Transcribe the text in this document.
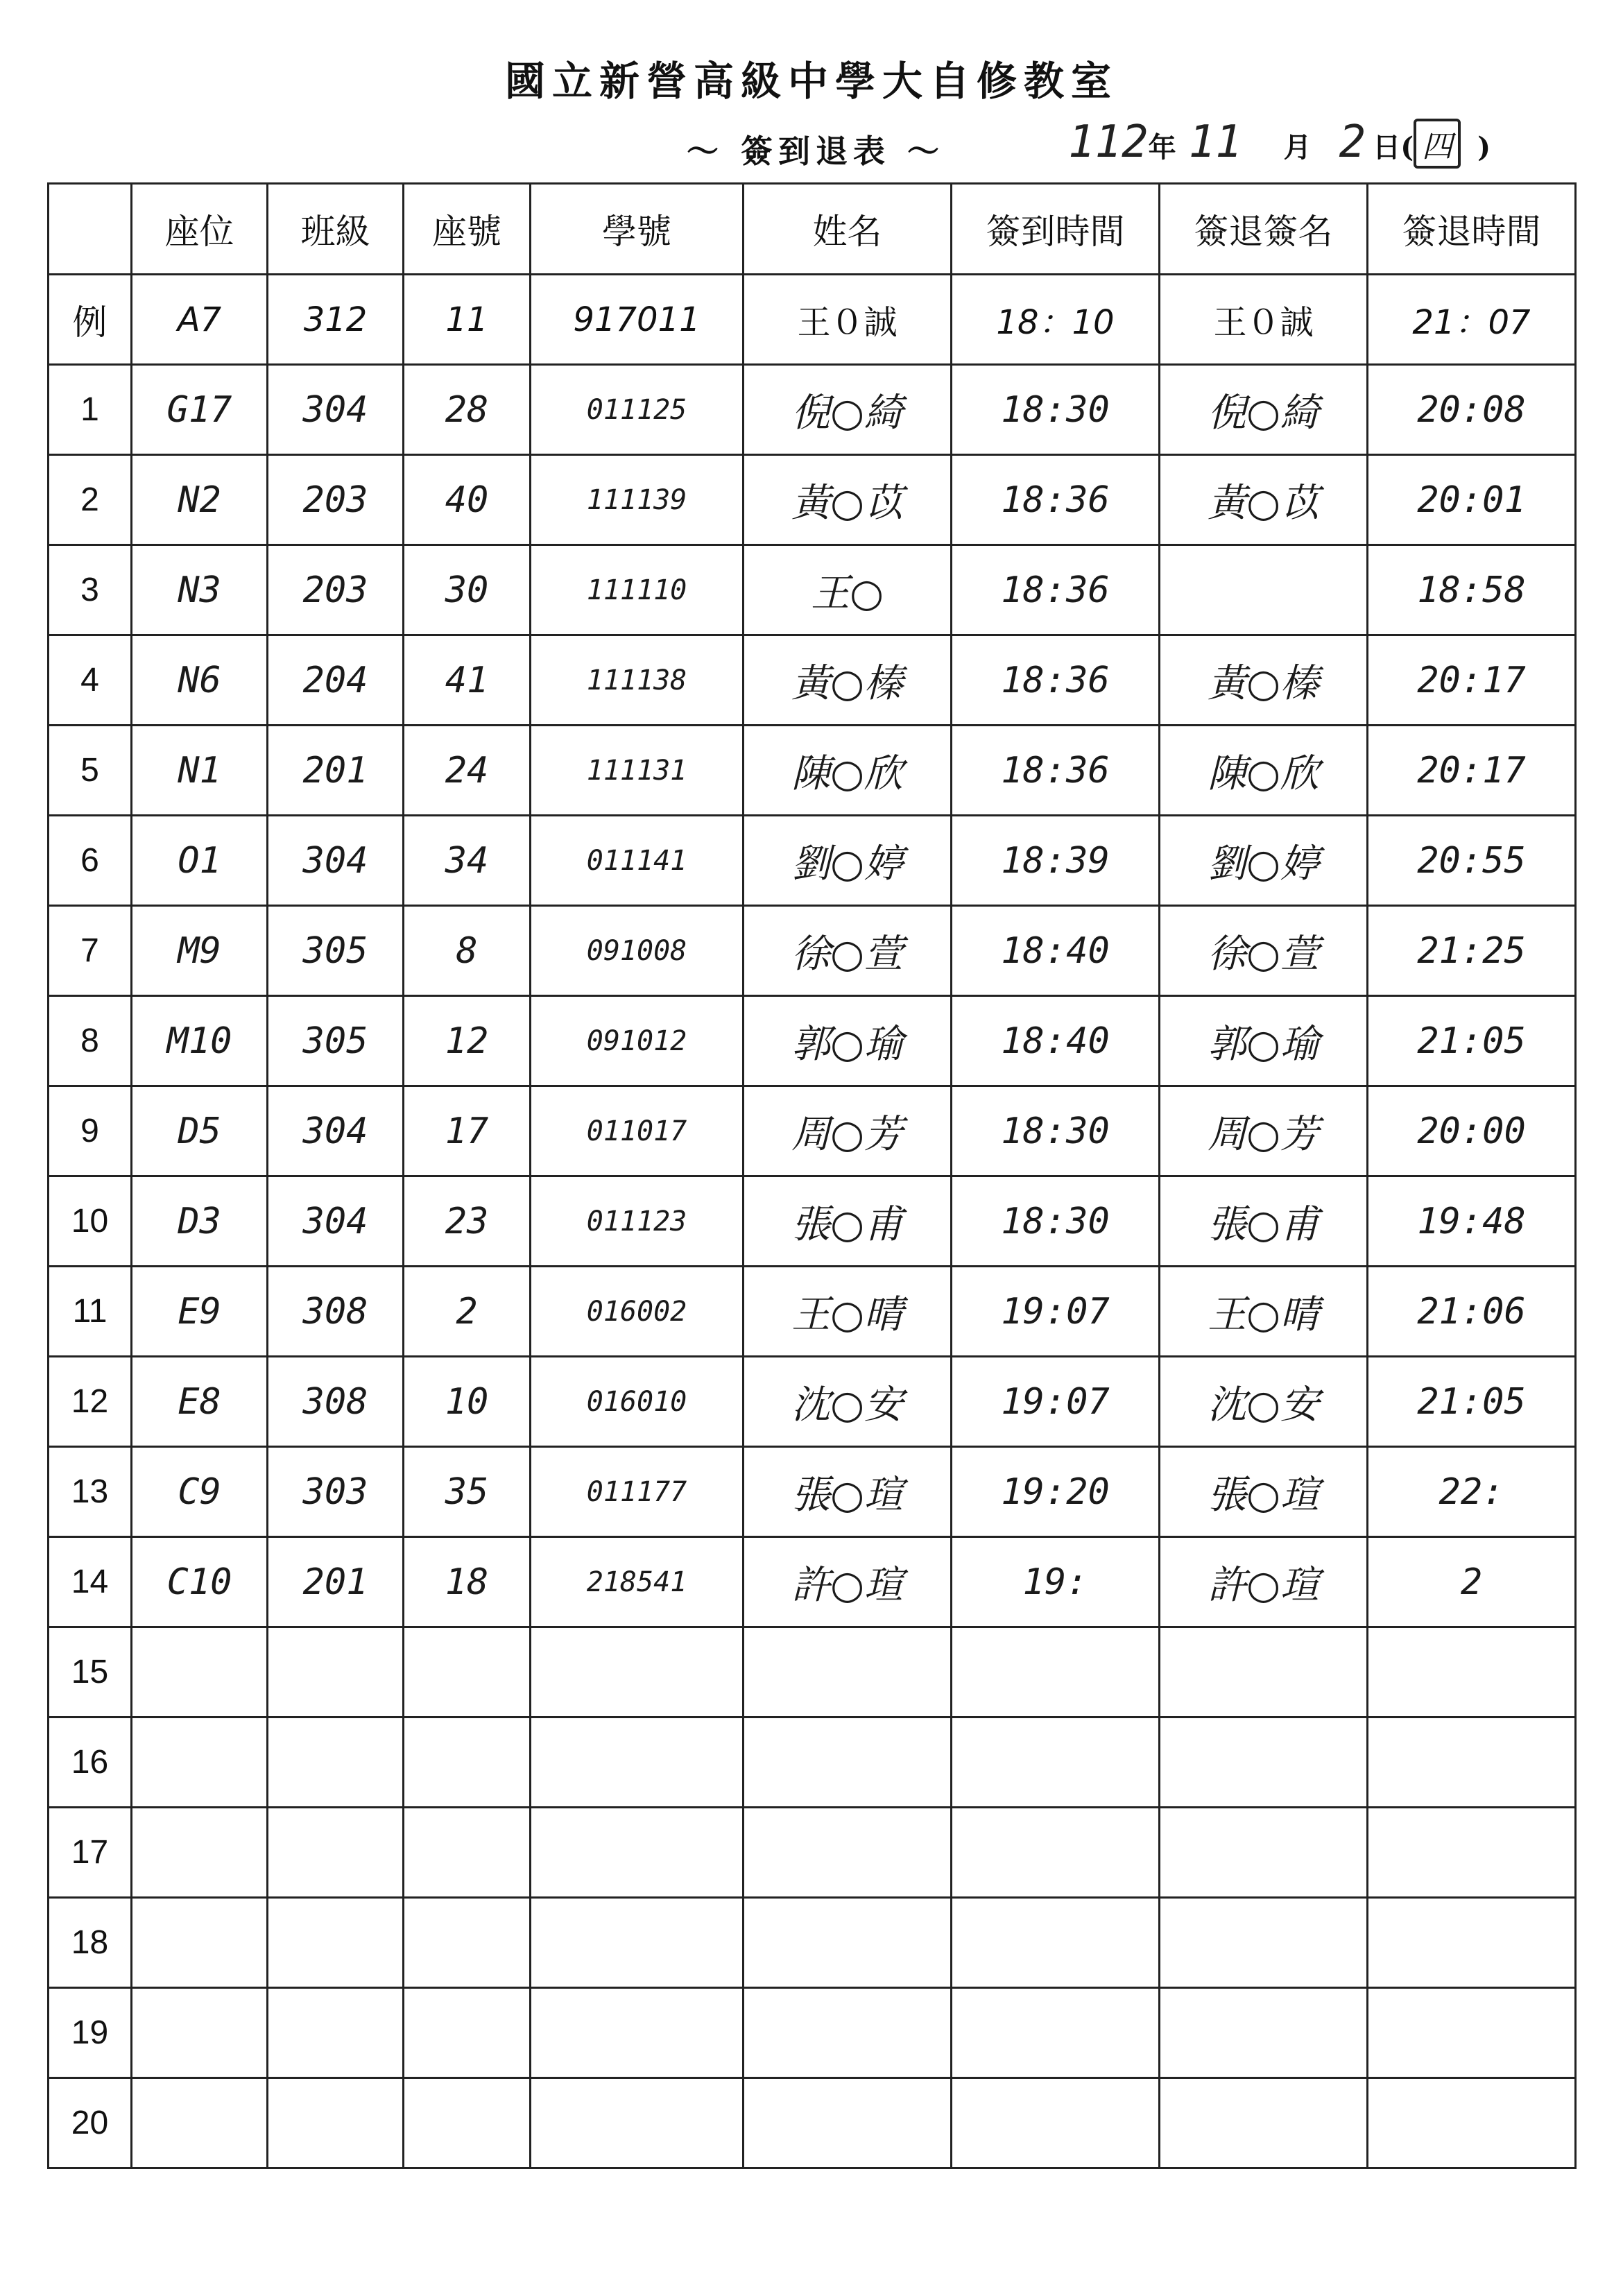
國立新營高級中學大自修教室
～ 簽到退表 ～	112 年 11 月 2 日 ( 四 )
	座位	班級	座號	學號	姓名	簽到時間	簽退簽名	簽退時間
例	A7	312	11	917011	王０誠	18：10	王０誠	21：07
1	G17	304	28	011125	倪○綺	18:30	倪○綺	20:08
2	N2	203	40	111139	黃○苡	18:36	黃○苡	20:01
3	N3	203	30	111110	王○	18:36		18:58
4	N6	204	41	111138	黃○榛	18:36	黃○榛	20:17
5	N1	201	24	111131	陳○欣	18:36	陳○欣	20:17
6	O1	304	34	011141	劉○婷	18:39	劉○婷	20:55
7	M9	305	8	091008	徐○萱	18:40	徐○萱	21:25
8	M10	305	12	091012	郭○瑜	18:40	郭○瑜	21:05
9	D5	304	17	011017	周○芳	18:30	周○芳	20:00
10	D3	304	23	011123	張○甫	18:30	張○甫	19:48
11	E9	308	2	016002	王○晴	19:07	王○晴	21:06
12	E8	308	10	016010	沈○安	19:07	沈○安	21:05
13	C9	303	35	011177	張○瑄	19:20	張○瑄	22:
14	C10	201	18	218541	許○瑄	19:	許○瑄	2
15								
16								
17								
18								
19								
20								
